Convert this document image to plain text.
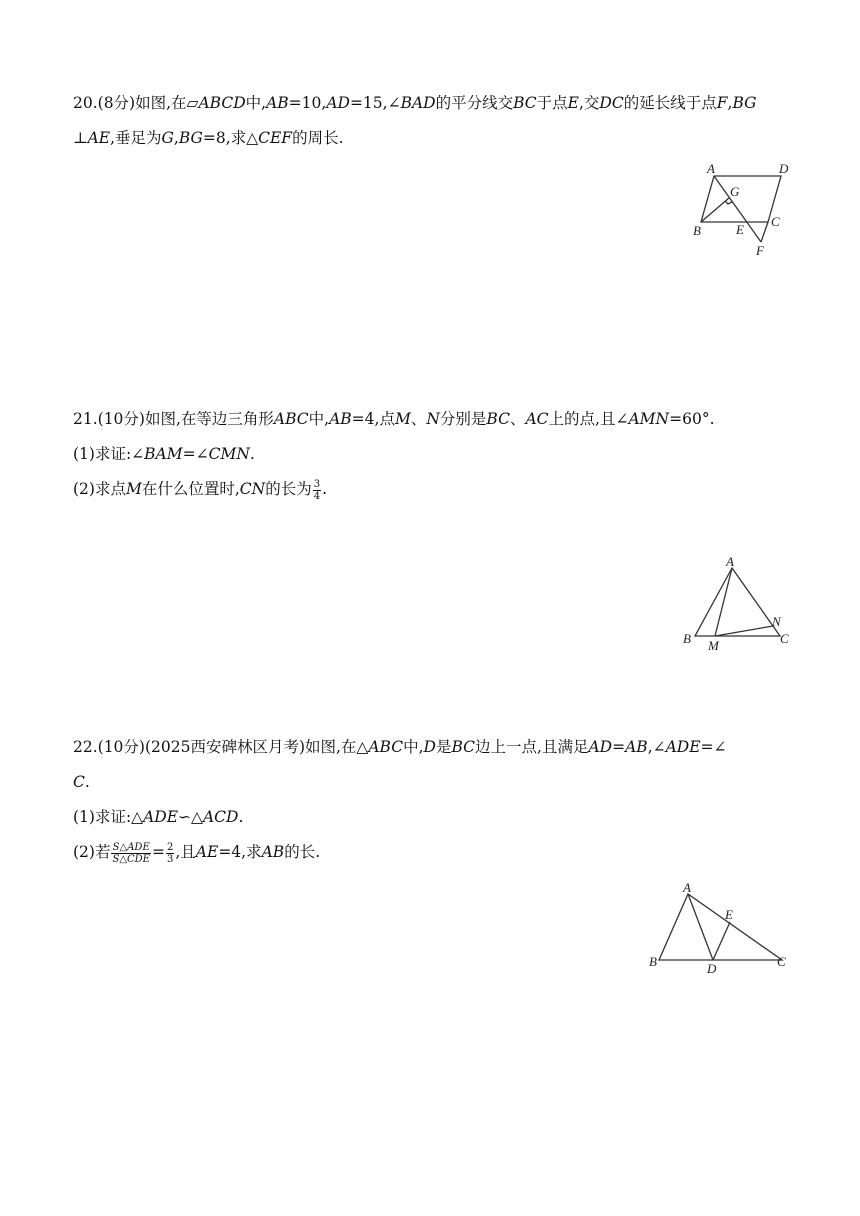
20.(8分)如图,在▱ABCD中,AB=10,AD=15,∠BAD的平分线交BC于点E,交DC的延长线于点F,BG
⊥AE,垂足为G,BG=8,求△CEF的周长.
A	D
G
B	E
C
F
21.(10分)如图,在等边三角形ABC中,AB=4,点M、N分别是BC、AC上的点,且∠AMN=60°.
(1)求证:∠BAM=∠CMN.
(2)求点M在什么位置时,CN的长为 $\frac{3}{4}$ .
A
N
B M	C
22.(10分)(2025西安碑林区月考)如图,在△ABC中,D是BC边上一点,且满足AD=AB,∠ADE=∠
C.
(1)求证:△ADE∽△ACD.
(2)若 $\frac{\text{S△ADE}}{\text{S△CDE}} = \frac{2}{3}$ ,且AE=4,求AB的长.
A
E
B	D	C
